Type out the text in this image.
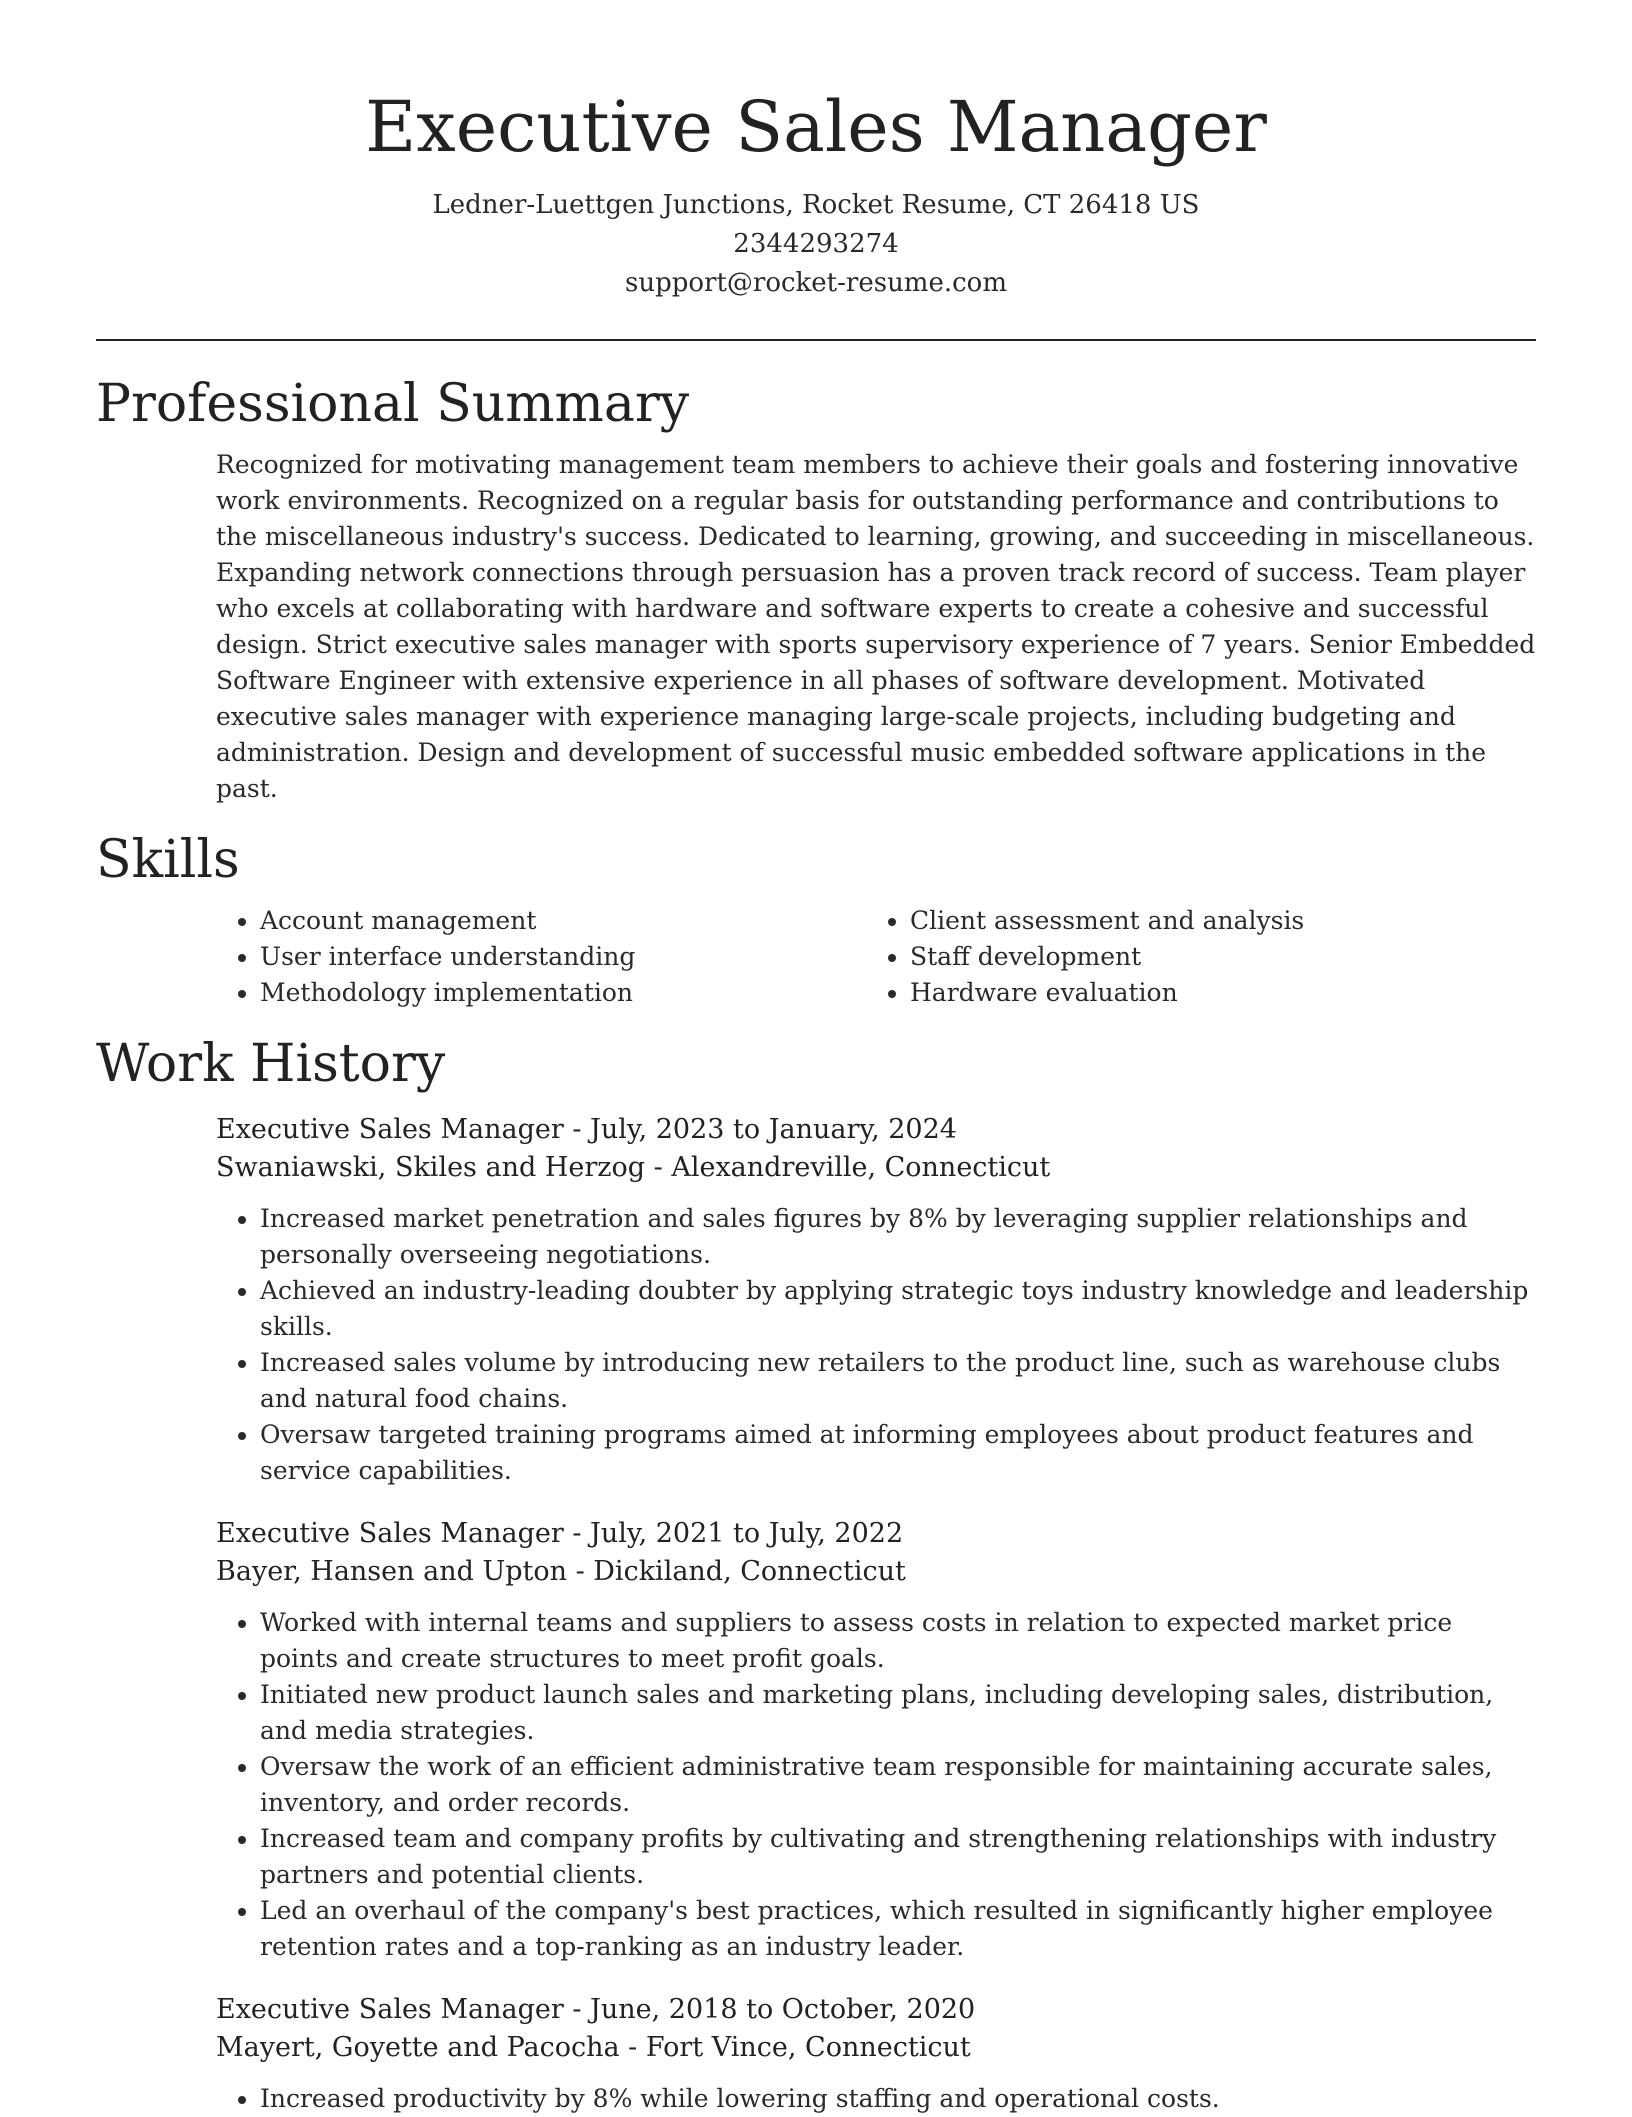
Executive Sales Manager
Ledner-Luettgen Junctions, Rocket Resume, CT 26418 US
2344293274
support@rocket-resume.com
Professional Summary

Recognized for motivating management team members to achieve their goals and fostering innovative work environments. Recognized on a regular basis for outstanding performance and contributions to the miscellaneous industry's success. Dedicated to learning, growing, and succeeding in miscellaneous. Expanding network connections through persuasion has a proven track record of success. Team player who excels at collaborating with hardware and software experts to create a cohesive and successful design. Strict executive sales manager with sports supervisory experience of 7 years. Senior Embedded Software Engineer with extensive experience in all phases of software development. Motivated executive sales manager with experience managing large-scale projects, including budgeting and administration. Design and development of successful music embedded software applications in the past.

Skills
• Account management
• User interface understanding
• Methodology implementation
• Client assessment and analysis
• Staff development
• Hardware evaluation
Work History
Executive Sales Manager - July, 2023 to January, 2024
Swaniawski, Skiles and Herzog - Alexandreville, Connecticut
• Increased market penetration and sales figures by 8% by leveraging supplier relationships and personally overseeing negotiations.
• Achieved an industry-leading doubter by applying strategic toys industry knowledge and leadership skills.
• Increased sales volume by introducing new retailers to the product line, such as warehouse clubs and natural food chains.
• Oversaw targeted training programs aimed at informing employees about product features and service capabilities.
Executive Sales Manager - July, 2021 to July, 2022
Bayer, Hansen and Upton - Dickiland, Connecticut
• Worked with internal teams and suppliers to assess costs in relation to expected market price points and create structures to meet profit goals.
• Initiated new product launch sales and marketing plans, including developing sales, distribution, and media strategies.
• Oversaw the work of an efficient administrative team responsible for maintaining accurate sales, inventory, and order records.
• Increased team and company profits by cultivating and strengthening relationships with industry partners and potential clients.
• Led an overhaul of the company's best practices, which resulted in significantly higher employee retention rates and a top-ranking as an industry leader.
Executive Sales Manager - June, 2018 to October, 2020
Mayert, Goyette and Pacocha - Fort Vince, Connecticut
• Increased productivity by 8% while lowering staffing and operational costs.
